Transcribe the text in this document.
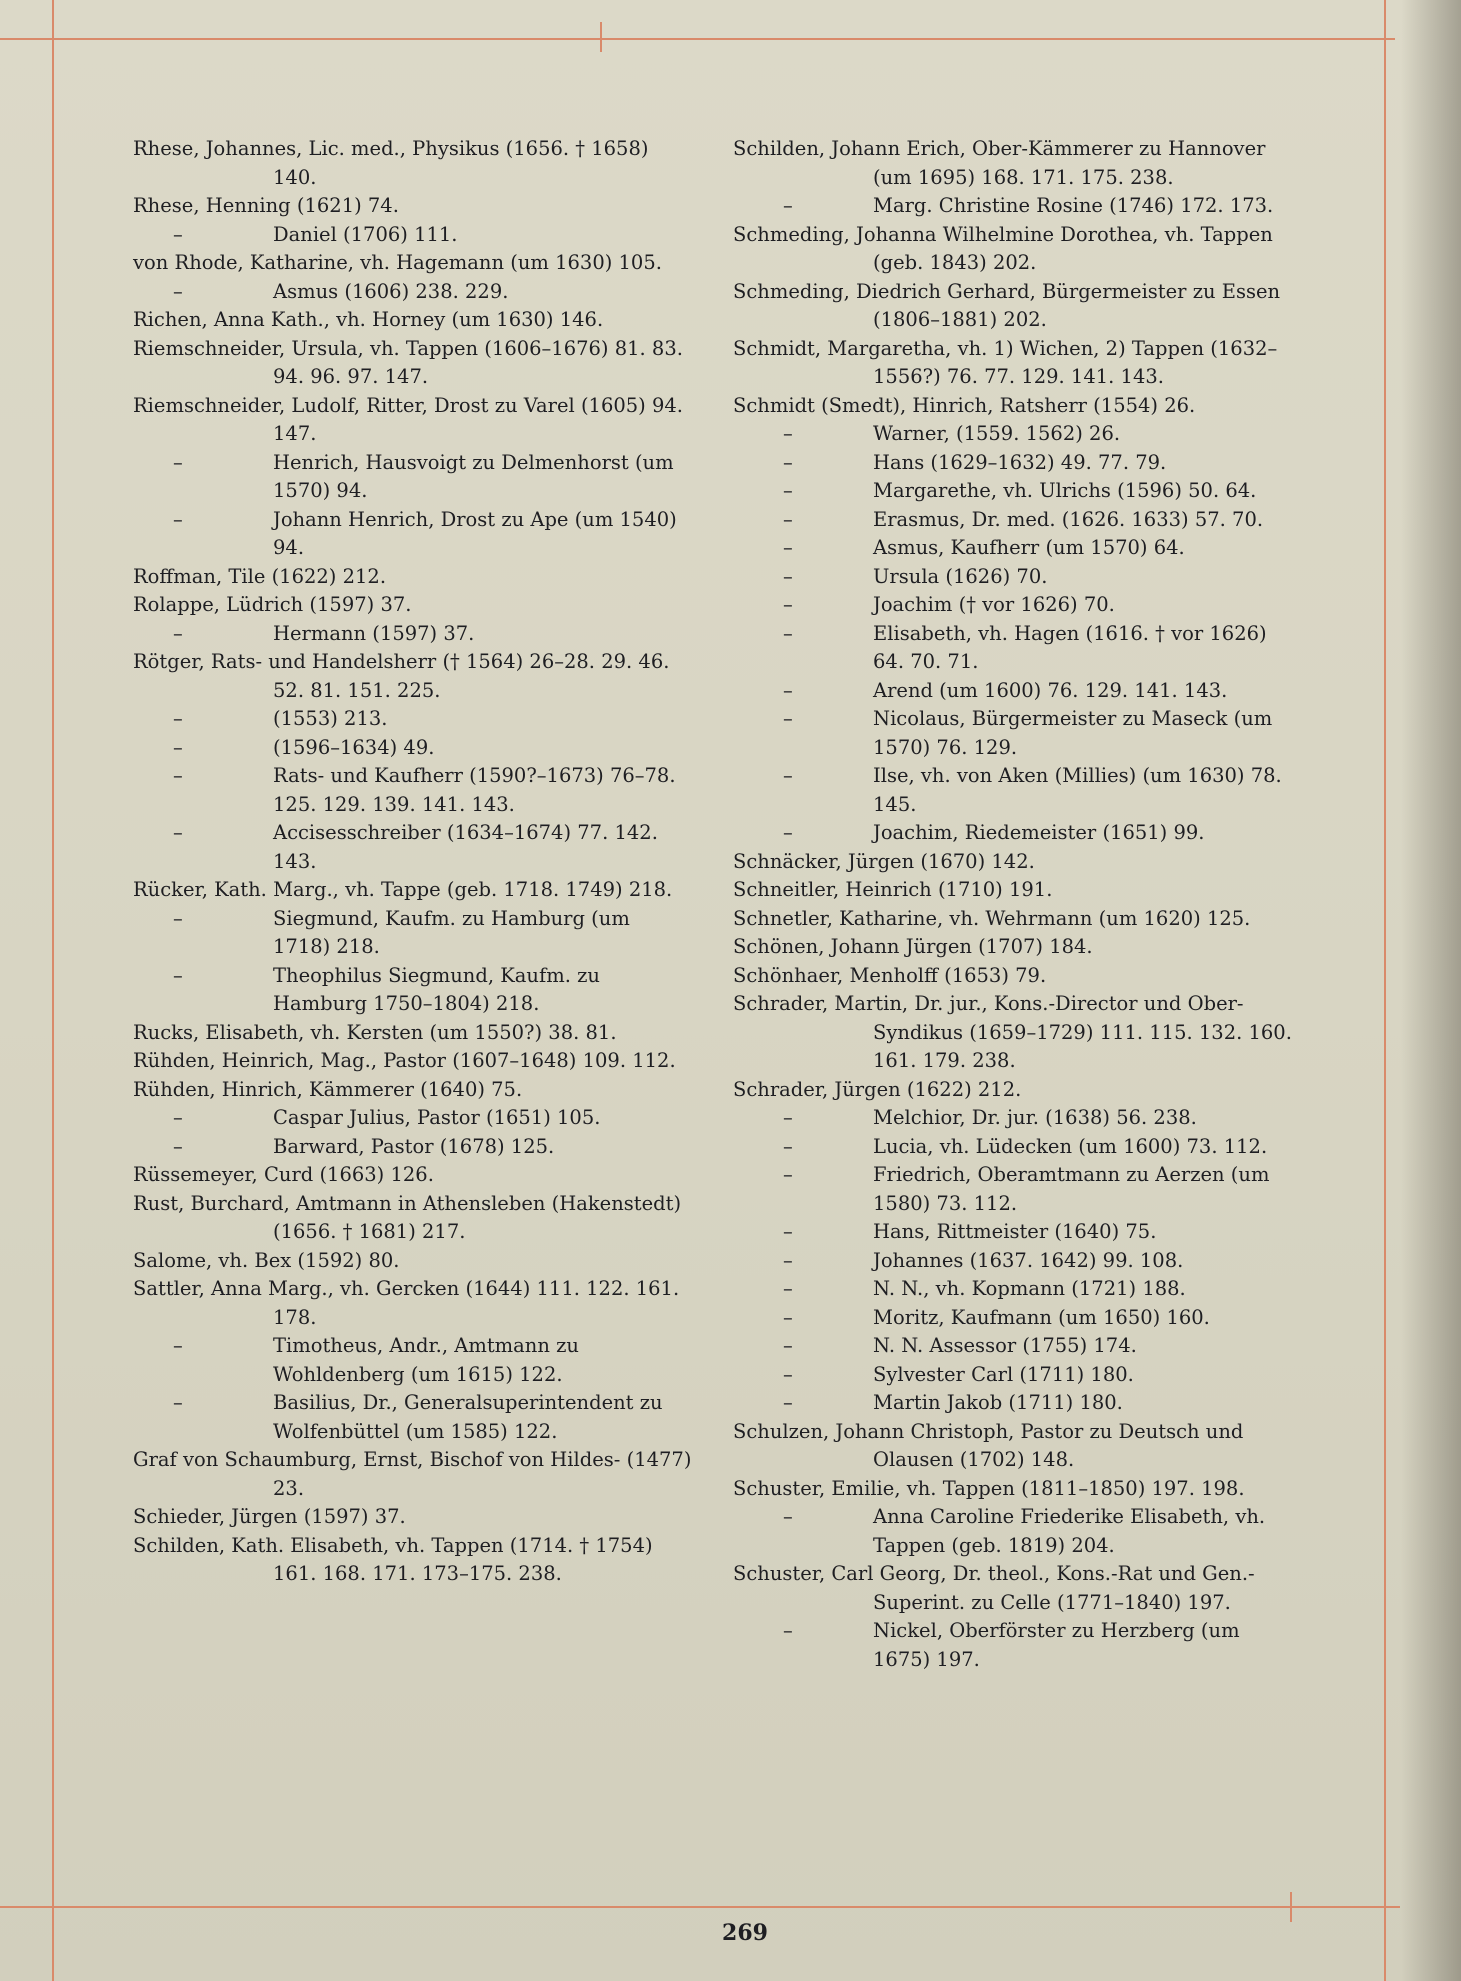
Rhese, Johannes, Lic. med., Physikus (1656. † 1658) 140.

Rhese, Henning (1621) 74.

–	Daniel (1706) 111.

von Rhode, Katharine, vh. Hagemann (um 1630) 105.

–	Asmus (1606) 238. 229.

Richen, Anna Kath., vh. Horney (um 1630) 146.

Riemschneider, Ursula, vh. Tappen (1606–1676) 81. 83. 94. 96. 97. 147.

Riemschneider, Ludolf, Ritter, Drost zu Varel (1605) 94. 147.

–	Henrich, Hausvoigt zu Delmenhorst (um 1570) 94.

–	Johann Henrich, Drost zu Ape (um 1540) 94.

Roffman, Tile (1622) 212.

Rolappe, Lüdrich (1597) 37.

–	Hermann (1597) 37.

Rötger, Rats- und Handelsherr († 1564) 26–28. 29. 46. 52. 81. 151. 225.

–	(1553) 213.

–	(1596–1634) 49.

–	Rats- und Kaufherr (1590?–1673) 76–78. 125. 129. 139. 141. 143.

–	Accisesschreiber (1634–1674) 77. 142. 143.

Rücker, Kath. Marg., vh. Tappe (geb. 1718. 1749) 218.

–	Siegmund, Kaufm. zu Hamburg (um 1718) 218.

–	Theophilus Siegmund, Kaufm. zu Hamburg 1750–1804) 218.

Rucks, Elisabeth, vh. Kersten (um 1550?) 38. 81.

Rühden, Heinrich, Mag., Pastor (1607–1648) 109. 112.

Rühden, Hinrich, Kämmerer (1640) 75.

–	Caspar Julius, Pastor (1651) 105.

–	Barward, Pastor (1678) 125.

Rüssemeyer, Curd (1663) 126.

Rust, Burchard, Amtmann in Athensleben (Hakenstedt) (1656. † 1681) 217.

Salome, vh. Bex (1592) 80.

Sattler, Anna Marg., vh. Gercken (1644) 111. 122. 161. 178.

–	Timotheus, Andr., Amtmann zu Wohldenberg (um 1615) 122.

–	Basilius, Dr., Generalsuperintendent zu Wolfenbüttel (um 1585) 122.

Graf von Schaumburg, Ernst, Bischof von Hildes- (1477) 23.

Schieder, Jürgen (1597) 37.

Schilden, Kath. Elisabeth, vh. Tappen (1714. † 1754) 161. 168. 171. 173–175. 238.

Schilden, Johann Erich, Ober-Kämmerer zu Hannover (um 1695) 168. 171. 175. 238.

–	Marg. Christine Rosine (1746) 172. 173.

Schmeding, Johanna Wilhelmine Dorothea, vh. Tappen (geb. 1843) 202.

Schmeding, Diedrich Gerhard, Bürgermeister zu Essen (1806–1881) 202.

Schmidt, Margaretha, vh. 1) Wichen, 2) Tappen (1632–1556?) 76. 77. 129. 141. 143.

Schmidt (Smedt), Hinrich, Ratsherr (1554) 26.

–	Warner, (1559. 1562) 26.

–	Hans (1629–1632) 49. 77. 79.

–	Margarethe, vh. Ulrichs (1596) 50. 64.

–	Erasmus, Dr. med. (1626. 1633) 57. 70.

–	Asmus, Kaufherr (um 1570) 64.

–	Ursula (1626) 70.

–	Joachim († vor 1626) 70.

–	Elisabeth, vh. Hagen (1616. † vor 1626) 64. 70. 71.

–	Arend (um 1600) 76. 129. 141. 143.

–	Nicolaus, Bürgermeister zu Maseck (um 1570) 76. 129.

–	Ilse, vh. von Aken (Millies) (um 1630) 78. 145.

–	Joachim, Riedemeister (1651) 99.

Schnäcker, Jürgen (1670) 142.

Schneitler, Heinrich (1710) 191.

Schnetler, Katharine, vh. Wehrmann (um 1620) 125.

Schönen, Johann Jürgen (1707) 184.

Schönhaer, Menholff (1653) 79.

Schrader, Martin, Dr. jur., Kons.-Director und Ober-Syndikus (1659–1729) 111. 115. 132. 160. 161. 179. 238.

Schrader, Jürgen (1622) 212.

–	Melchior, Dr. jur. (1638) 56. 238.

–	Lucia, vh. Lüdecken (um 1600) 73. 112.

–	Friedrich, Oberamtmann zu Aerzen (um 1580) 73. 112.

–	Hans, Rittmeister (1640) 75.

–	Johannes (1637. 1642) 99. 108.

–	N. N., vh. Kopmann (1721) 188.

–	Moritz, Kaufmann (um 1650) 160.

–	N. N. Assessor (1755) 174.

–	Sylvester Carl (1711) 180.

–	Martin Jakob (1711) 180.

Schulzen, Johann Christoph, Pastor zu Deutsch und Olausen (1702) 148.

Schuster, Emilie, vh. Tappen (1811–1850) 197. 198.

–	Anna Caroline Friederike Elisabeth, vh. Tappen (geb. 1819) 204.

Schuster, Carl Georg, Dr. theol., Kons.-Rat und Gen.-Superint. zu Celle (1771–1840) 197.

–	Nickel, Oberförster zu Herzberg (um 1675) 197.

269
